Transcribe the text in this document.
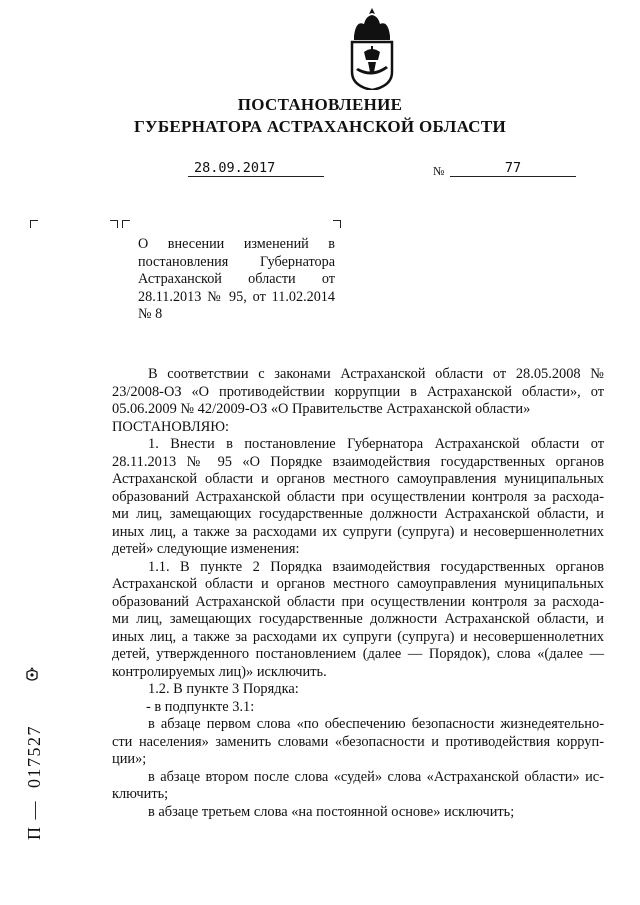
ПОСТАНОВЛЕНИЕ
ГУБЕРНАТОРА АСТРАХАНСКОЙ ОБЛАСТИ
28.09.2017	№	77
О внесении изменений в
постановления Губернатора
Астраханской области от
28.11.2013 № 95, от 11.02.2014
№ 8
В соответствии с законами Астраханской области от 28.05.2008 №
23/2008-ОЗ «О противодействии коррупции в Астраханской области», от
05.06.2009 № 42/2009-ОЗ «О Правительстве Астраханской области»
ПОСТАНОВЛЯЮ:
1. Внести в постановление Губернатора Астраханской области от
28.11.2013 № 95 «О Порядке взаимодействия государственных органов
Астраханской области и органов местного самоуправления муниципальных
образований Астраханской области при осуществлении контроля за расхода-
ми лиц, замещающих государственные должности Астраханской области, и
иных лиц, а также за расходами их супруги (супруга) и несовершеннолетних
детей» следующие изменения:
1.1. В пункте 2 Порядка взаимодействия государственных органов
Астраханской области и органов местного самоуправления муниципальных
образований Астраханской области при осуществлении контроля за расхода-
ми лиц, замещающих государственные должности Астраханской области, и
иных лиц, а также за расходами их супруги (супруга) и несовершеннолетних
детей, утвержденного постановлением (далее — Порядок), слова «(далее —
контролируемых лиц)» исключить.
1.2. В пункте 3 Порядка:
- в подпункте 3.1:
в абзаце первом слова «по обеспечению безопасности жизнедеятельно-
сти населения» заменить словами «безопасности и противодействия корруп-
ции»;
в абзаце втором после слова «судей» слова «Астраханской области» ис-
ключить;
в абзаце третьем слова «на постоянной основе» исключить;
П —  017527
